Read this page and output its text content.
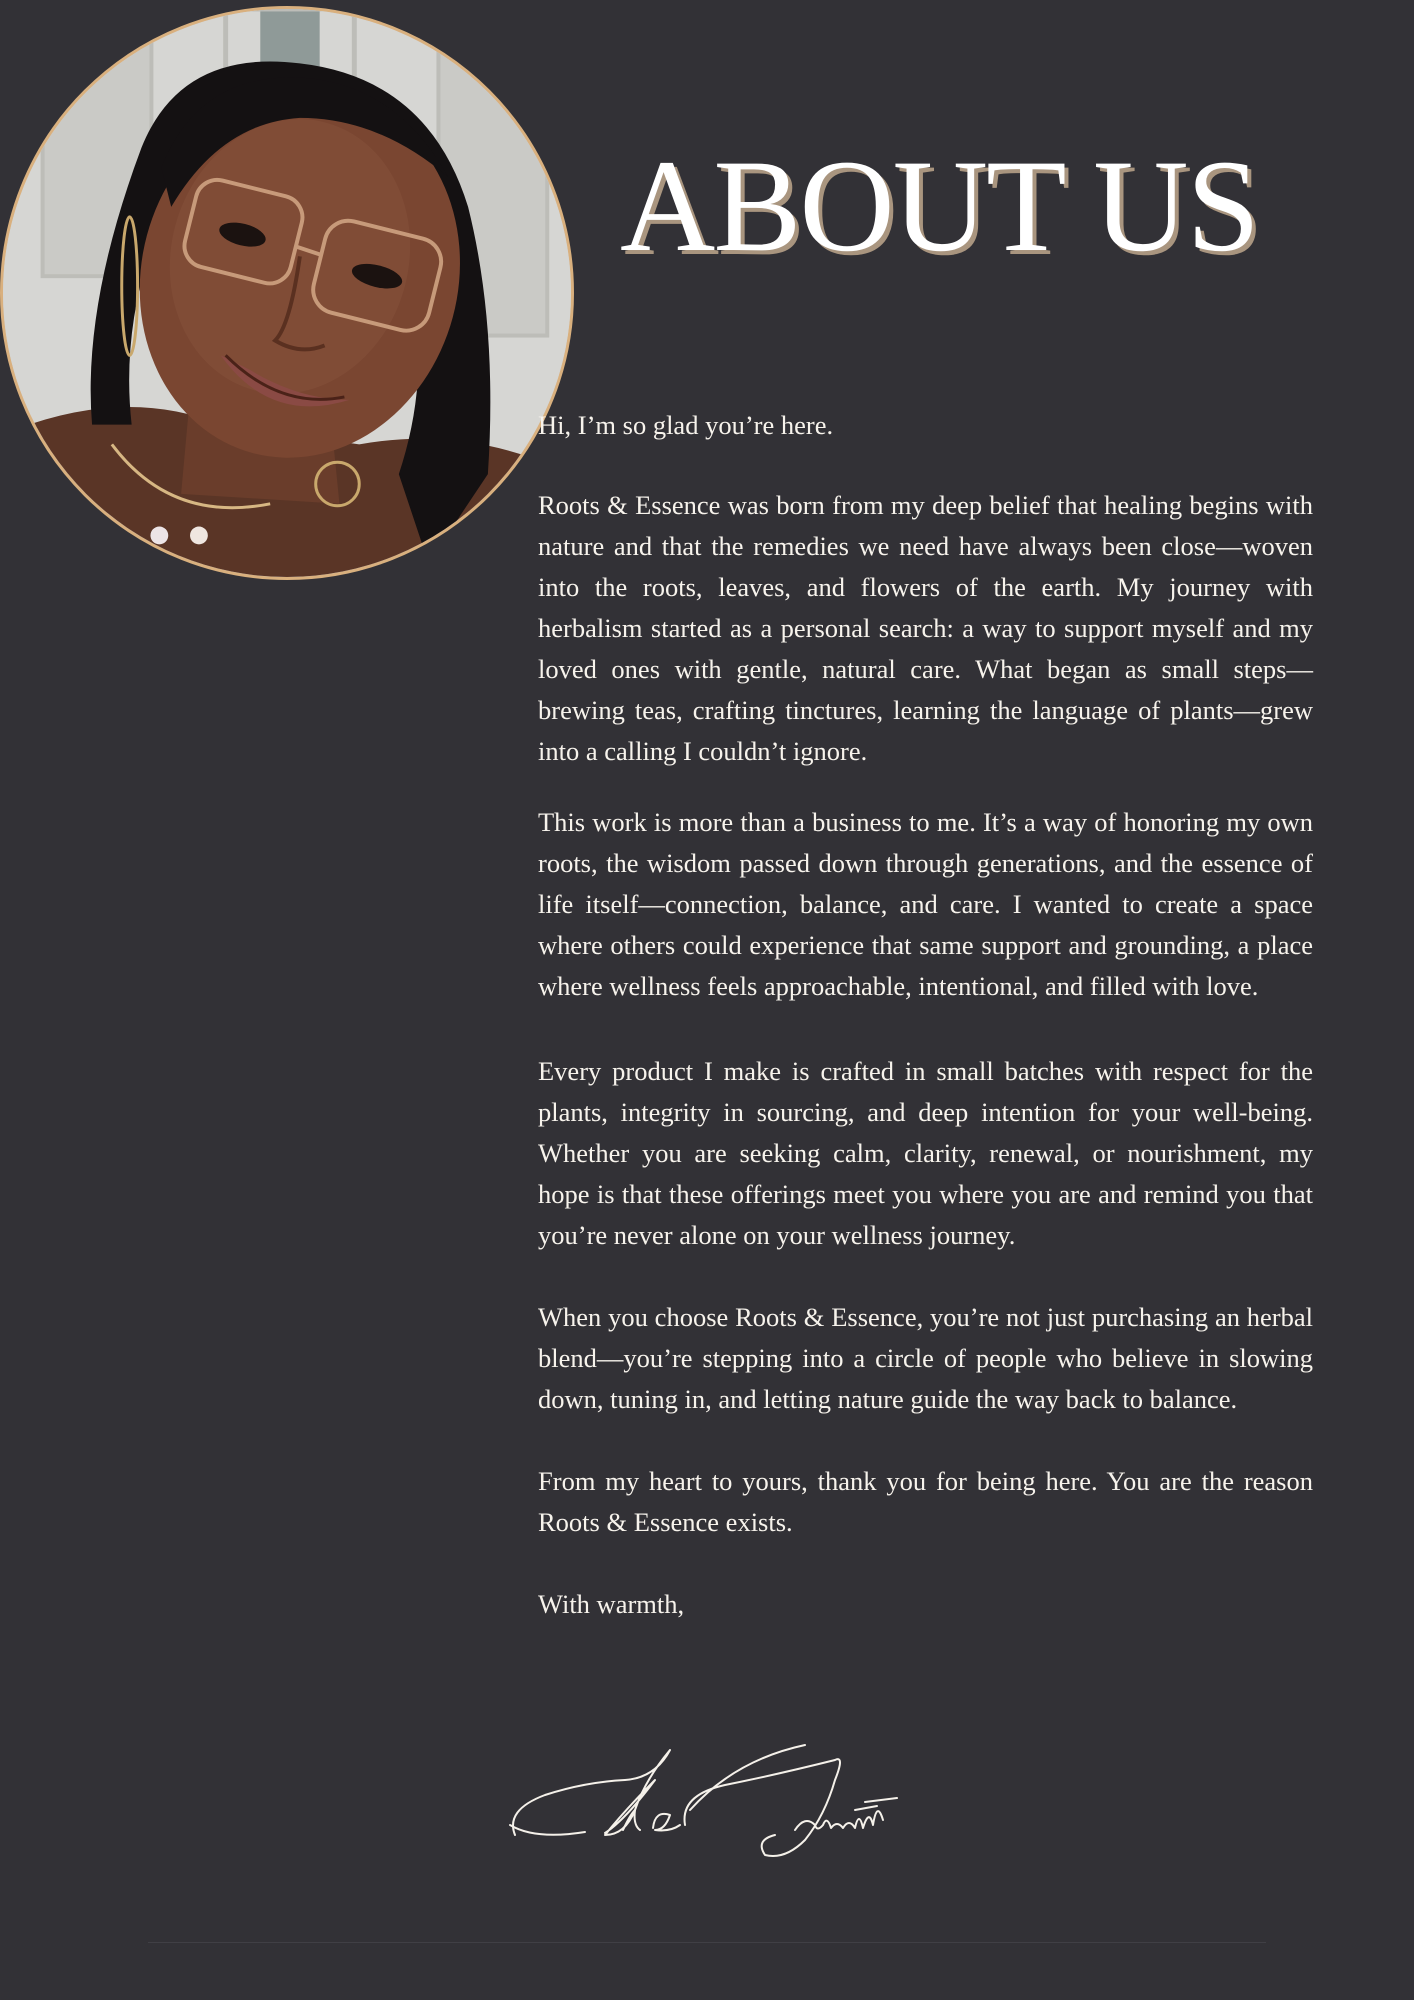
ABOUT US

Hi, I’m so glad you’re here.

Roots & Essence was born from my deep belief that healing begins with nature and that the remedies we need have always been close—woven into the roots, leaves, and flowers of the earth. My journey with herbalism started as a personal search: a way to support myself and my loved ones with gentle, natural care. What began as small steps—brewing teas, crafting tinctures, learning the language of plants—grew into a calling I couldn’t ignore.

This work is more than a business to me. It’s a way of honoring my own roots, the wisdom passed down through generations, and the essence of life itself—connection, balance, and care. I wanted to create a space where others could experience that same support and grounding, a place where wellness feels approachable, intentional, and filled with love.

Every product I make is crafted in small batches with respect for the plants, integrity in sourcing, and deep intention for your well-being. Whether you are seeking calm, clarity, renewal, or nourishment, my hope is that these offerings meet you where you are and remind you that you’re never alone on your wellness journey.

When you choose Roots & Essence, you’re not just purchasing an herbal blend—you’re stepping into a circle of people who believe in slowing down, tuning in, and letting nature guide the way back to balance.

From my heart to yours, thank you for being here. You are the reason Roots & Essence exists.

With warmth,
